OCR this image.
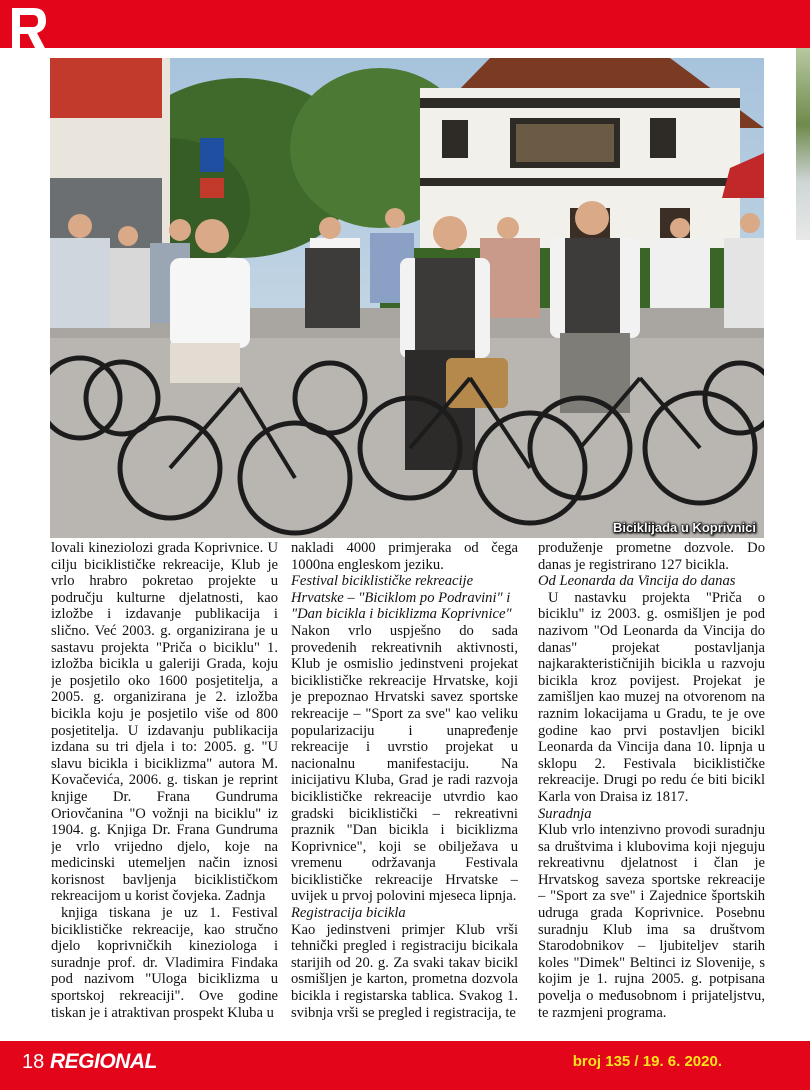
Biciklijada u Koprivnici

lovali kineziolozi grada Koprivnice. U cilju biciklističke rekreacije, Klub je vrlo hrabro pokretao projekte u području kulturne djelatnosti, kao izložbe i izdavanje publikacija i slično. Već 2003. g. organizirana je u sastavu projekta "Priča o biciklu" 1. izložba bicikla u galeriji Grada, koju je posjetilo oko 1600 posjetitelja, a 2005. g. organizirana je 2. izložba bicikla koju je posjetilo više od 800 posjetitelja. U izdavanju publikacija izdana su tri djela i to: 2005. g. "U slavu bicikla i biciklizma" autora M. Kovačevića, 2006. g. tiskan je reprint knjige Dr. Frana Gundruma Oriovčanina "O vožnji na biciklu" iz 1904. g. Knjiga Dr. Frana Gundruma je vrlo vrijedno djelo, koje na medicinski utemeljen način iznosi korisnost bavljenja biciklističkom rekreacijom u korist čovjeka. Zadnja

knjiga tiskana je uz 1. Festival biciklističke rekreacije, kao stručno djelo koprivničkih kineziologa i suradnje prof. dr. Vladimira Findaka pod nazivom "Uloga biciklizma u sportskoj rekreaciji". Ove godine tiskan je i atraktivan prospekt Kluba u

nakladi 4000 primjeraka od čega 1000na engleskom jeziku.

Festival biciklističke rekreacije Hrvatske – "Biciklom po Podravini" i "Dan bicikla i biciklizma Koprivnice"

Nakon vrlo uspješno do sada provedenih rekreativnih aktivnosti, Klub je osmislio jedinstveni projekat biciklističke rekreacije Hrvatske, koji je prepoznao Hrvatski savez sportske rekreacije – "Sport za sve" kao veliku popularizaciju i unapređenje rekreacije i uvrstio projekat u nacionalnu manifestaciju. Na inicijativu Kluba, Grad je radi razvoja biciklističke rekreacije utvrdio kao gradski biciklistički – rekreativni praznik "Dan bicikla i biciklizma Koprivnice", koji se obilježava u vremenu održavanja Festivala biciklističke rekreacije Hrvatske – uvijek u prvoj polovini mjeseca lipnja.

Registracija bicikla

Kao jedinstveni primjer Klub vrši tehnički pregled i registraciju bicikala starijih od 20. g. Za svaki takav bicikl osmišljen je karton, prometna dozvola bicikla i registarska tablica. Svakog 1. svibnja vrši se pregled i registracija, te

produženje prometne dozvole. Do danas je registrirano 127 bicikla.

Od Leonarda da Vincija do danas

U nastavku projekta "Priča o biciklu" iz 2003. g. osmišljen je pod nazivom "Od Leonarda da Vincija do danas" projekat postavljanja najkarakterističnijih bicikla u razvoju bicikla kroz povijest. Projekat je zamišljen kao muzej na otvorenom na raznim lokacijama u Gradu, te je ove godine kao prvi postavljen bicikl Leonarda da Vincija dana 10. lipnja u sklopu 2. Festivala biciklističke rekreacije. Drugi po redu će biti bicikl Karla von Draisa iz 1817.

Suradnja

Klub vrlo intenzivno provodi suradnju sa društvima i klubovima koji njeguju rekreativnu djelatnost i član je Hrvatskog saveza sportske rekreacije – "Sport za sve" i Zajednice športskih udruga grada Koprivnice. Posebnu suradnju Klub ima sa društvom Starodobnikov – ljubiteljev starih koles "Dimek" Beltinci iz Slovenije, s kojim je 1. rujna 2005. g. potpisana povelja o međusobnom i prijateljstvu, te razmjeni programa.

18 REGIONAL	broj 135 / 19. 6. 2020.
